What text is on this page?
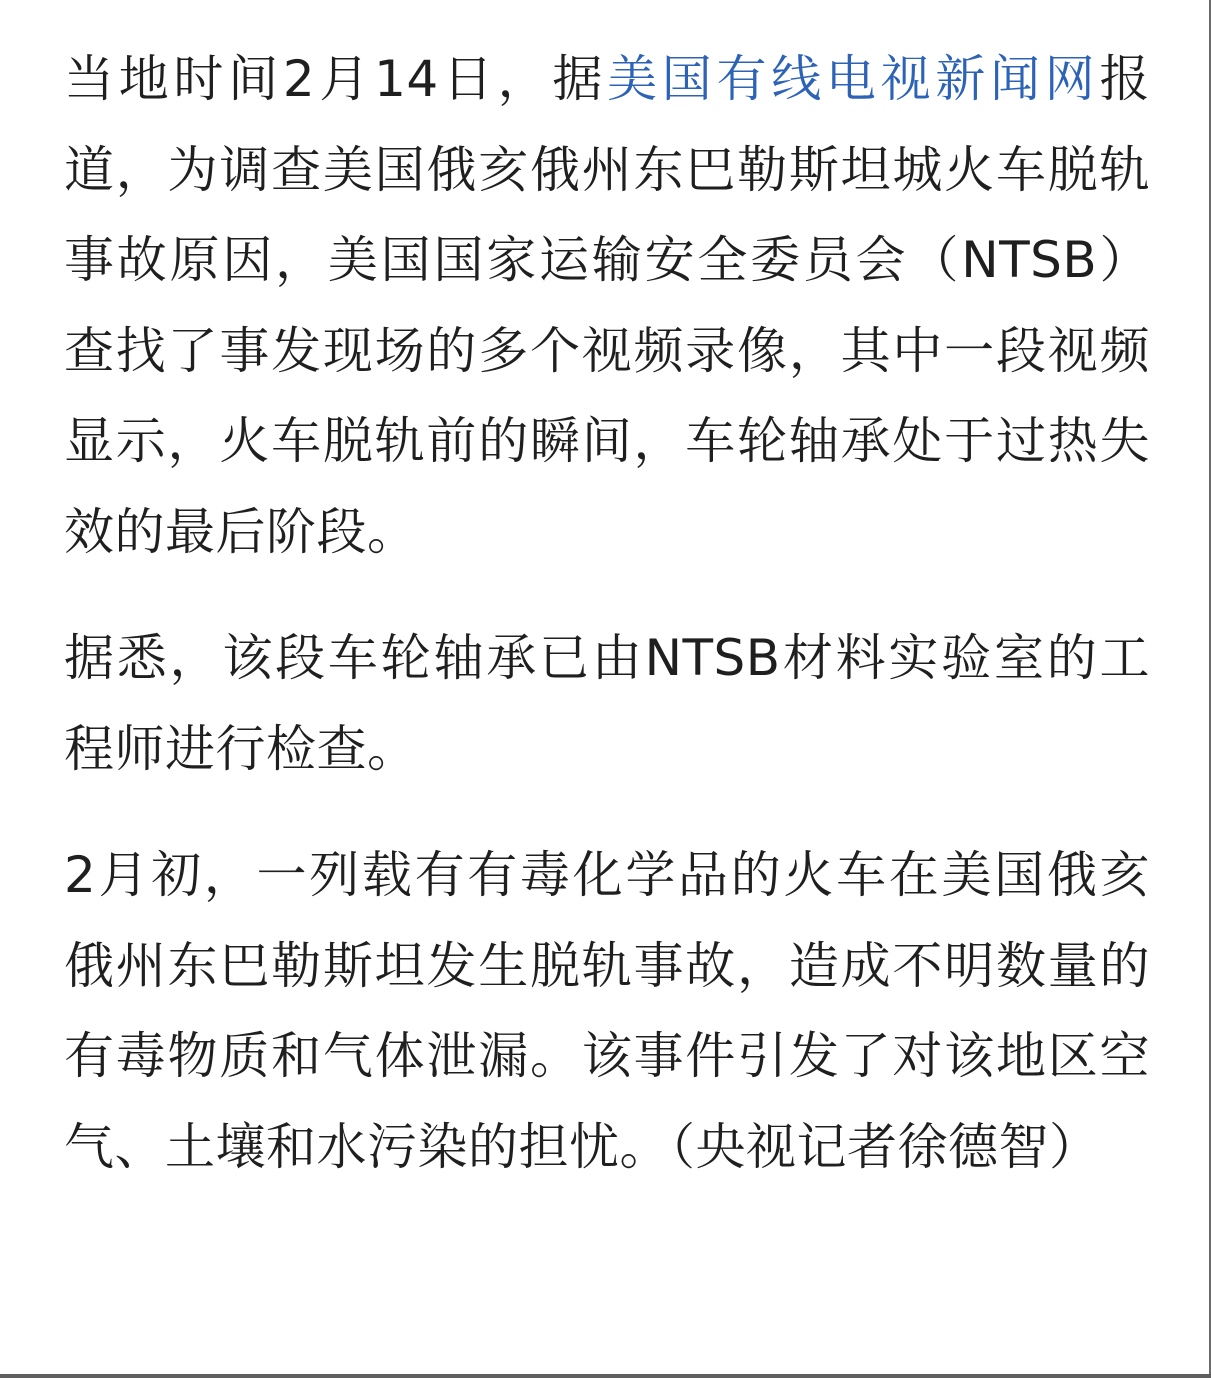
当地时间2月14日，据美国有线电视新闻网报道，为调查美国俄亥俄州东巴勒斯坦城火车脱轨事故原因，美国国家运输安全委员会（NTSB）查找了事发现场的多个视频录像，其中一段视频显示，火车脱轨前的瞬间，车轮轴承处于过热失效的最后阶段。

据悉，该段车轮轴承已由NTSB材料实验室的工程师进行检查。

2月初，一列载有有毒化学品的火车在美国俄亥俄州东巴勒斯坦发生脱轨事故，造成不明数量的有毒物质和气体泄漏。该事件引发了对该地区空气、土壤和水污染的担忧。（央视记者徐德智）
